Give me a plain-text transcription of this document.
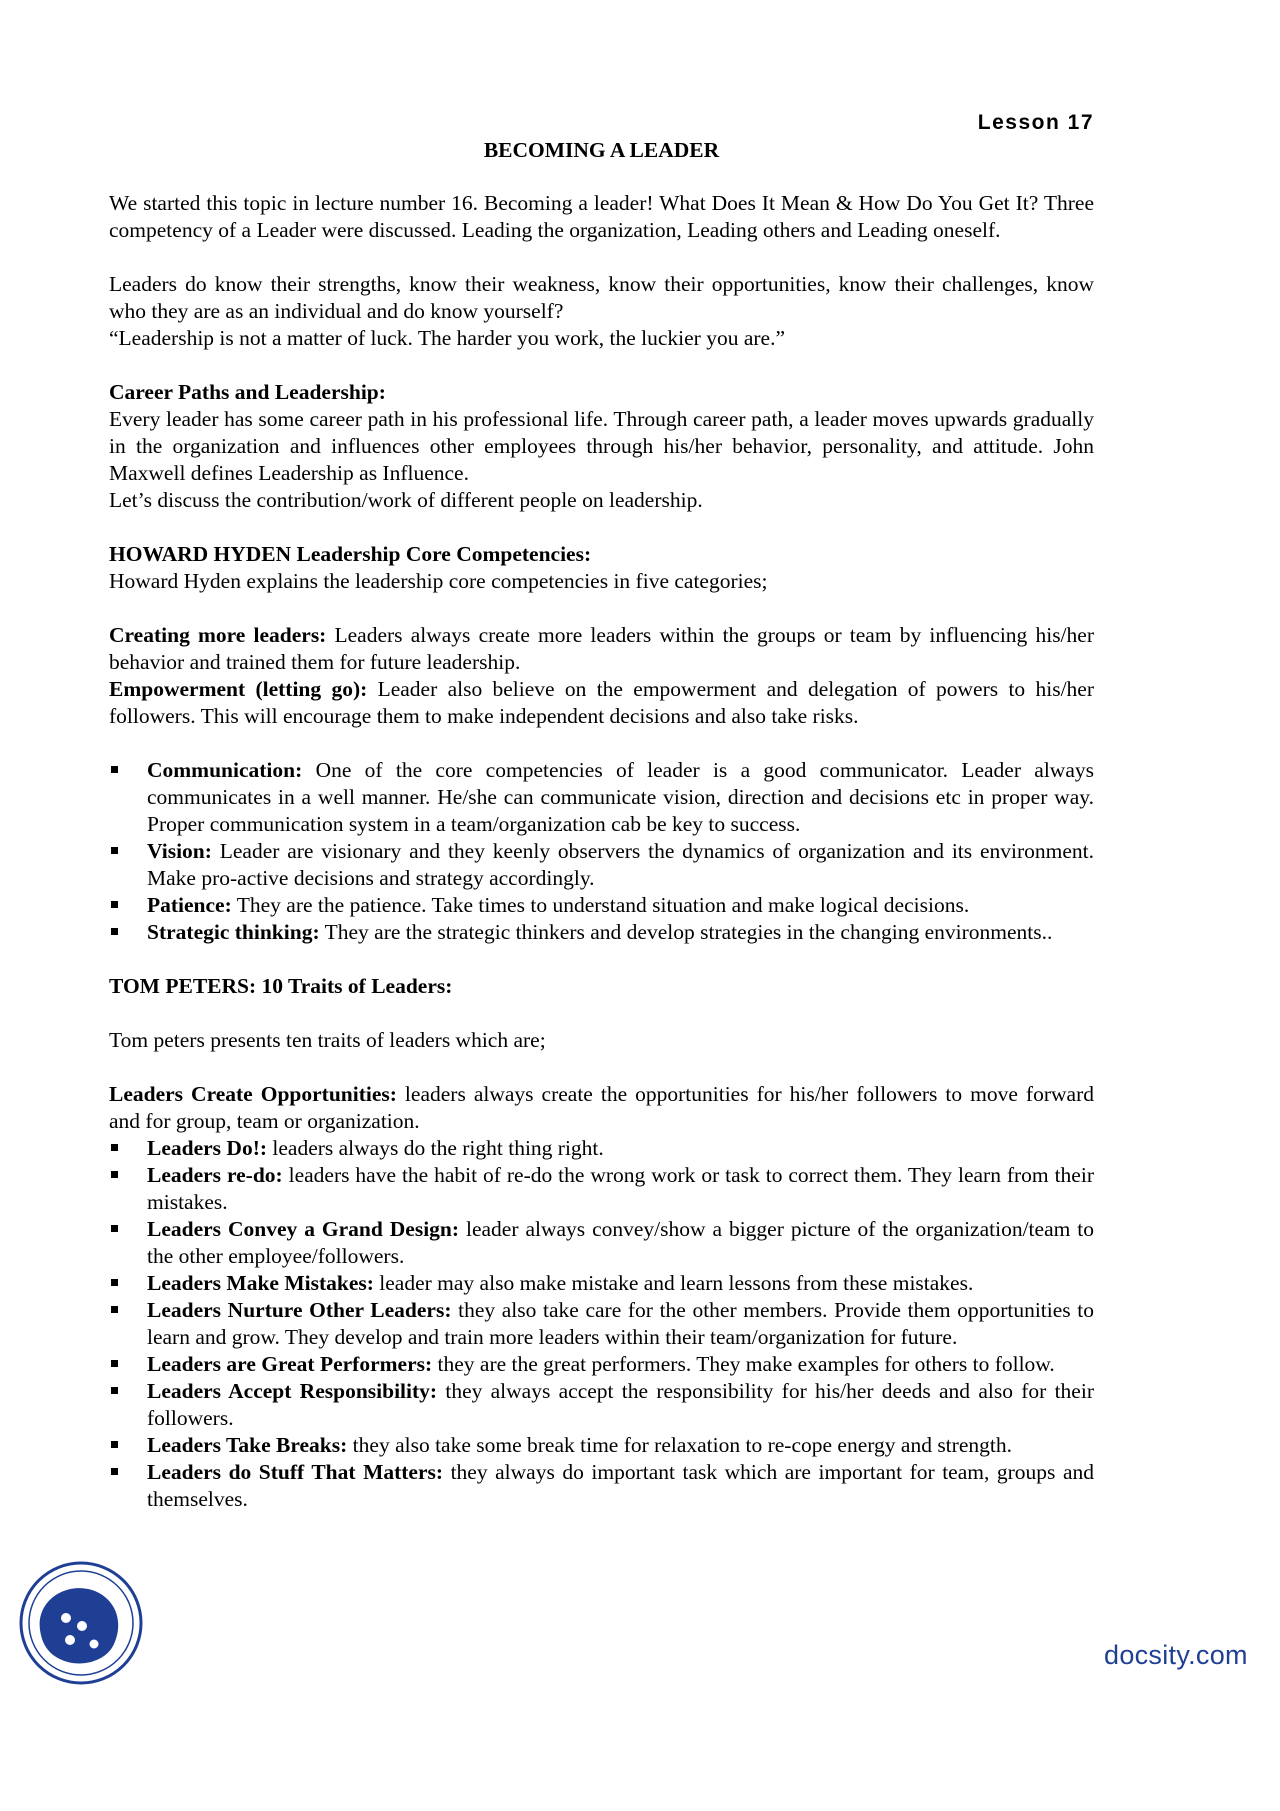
Lesson 17
BECOMING A LEADER

We started this topic in lecture number 16. Becoming a leader! What Does It Mean & How Do You Get It? Three competency of a Leader were discussed. Leading the organization, Leading others and Leading oneself.

Leaders do know their strengths, know their weakness, know their opportunities, know their challenges, know who they are as an individual and do know yourself?

“Leadership is not a matter of luck. The harder you work, the luckier you are.”

Career Paths and Leadership:

Every leader has some career path in his professional life. Through career path, a leader moves upwards gradually in the organization and influences other employees through his/her behavior, personality, and attitude. John Maxwell defines Leadership as Influence.

Let’s discuss the contribution/work of different people on leadership.

HOWARD HYDEN Leadership Core Competencies:

Howard Hyden explains the leadership core competencies in five categories;

Creating more leaders: Leaders always create more leaders within the groups or team by influencing his/her behavior and trained them for future leadership.

Empowerment (letting go): Leader also believe on the empowerment and delegation of powers to his/her followers. This will encourage them to make independent decisions and also take risks.

Communication: One of the core competencies of leader is a good communicator. Leader always communicates in a well manner. He/she can communicate vision, direction and decisions etc in proper way. Proper communication system in a team/organization cab be key to success.
Vision: Leader are visionary and they keenly observers the dynamics of organization and its environment. Make pro-active decisions and strategy accordingly.
Patience: They are the patience. Take times to understand situation and make logical decisions.
Strategic thinking: They are the strategic thinkers and develop strategies in the changing environments..

TOM PETERS: 10 Traits of Leaders:

Tom peters presents ten traits of leaders which are;

Leaders Create Opportunities: leaders always create the opportunities for his/her followers to move forward and for group, team or organization.

Leaders Do!: leaders always do the right thing right.
Leaders re-do: leaders have the habit of re-do the wrong work or task to correct them. They learn from their mistakes.
Leaders Convey a Grand Design: leader always convey/show a bigger picture of the organization/team to the other employee/followers.
Leaders Make Mistakes: leader may also make mistake and learn lessons from these mistakes.
Leaders Nurture Other Leaders: they also take care for the other members. Provide them opportunities to learn and grow. They develop and train more leaders within their team/organization for future.
Leaders are Great Performers: they are the great performers. They make examples for others to follow.
Leaders Accept Responsibility: they always accept the responsibility for his/her deeds and also for their followers.
Leaders Take Breaks: they also take some break time for relaxation to re-cope energy and strength.
Leaders do Stuff That Matters: they always do important task which are important for team, groups and themselves.
docsity.com
